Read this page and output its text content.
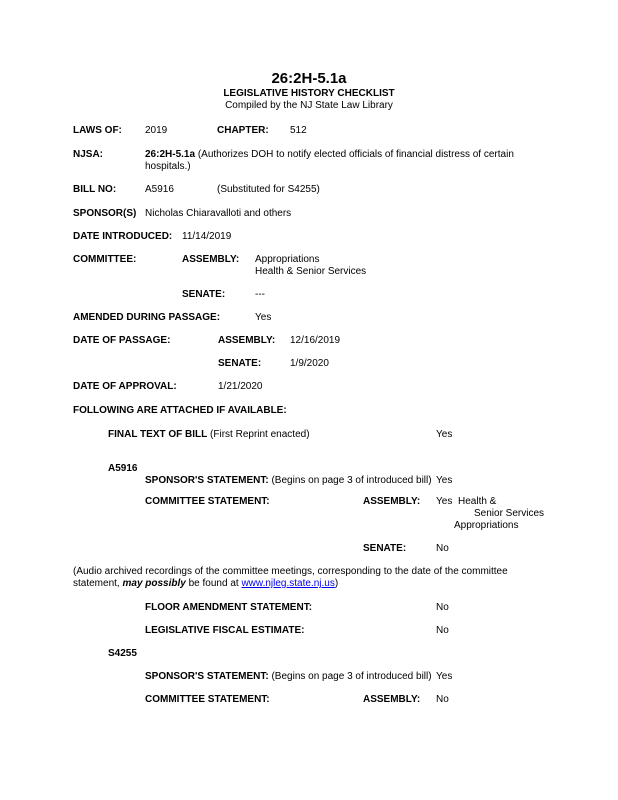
26:2H-5.1a
LEGISLATIVE HISTORY CHECKLIST
Compiled by the NJ State Law Library
LAWS OF: 2019	CHAPTER: 512
NJSA:	26:2H-5.1a (Authorizes DOH to notify elected officials of financial distress of certain
hospitals.)
BILL NO:	A5916	(Substituted for S4255)
SPONSOR(S) Nicholas Chiaravalloti and others
DATE INTRODUCED: 11/14/2019
COMMITTEE:	ASSEMBLY: Appropriations
Health & Senior Services
SENATE:	---
AMENDED DURING PASSAGE:	Yes
DATE OF PASSAGE:	ASSEMBLY: 12/16/2019
SENATE:	1/9/2020
DATE OF APPROVAL:	1/21/2020
FOLLOWING ARE ATTACHED IF AVAILABLE:
FINAL TEXT OF BILL (First Reprint enacted)	Yes
A5916
SPONSOR'S STATEMENT: (Begins on page 3 of introduced bill) Yes
COMMITTEE STATEMENT:	ASSEMBLY: Yes Health &
Senior Services
Appropriations
SENATE:	No
(Audio archived recordings of the committee meetings, corresponding to the date of the committee
statement, may possibly be found at www.njleg.state.nj.us)
FLOOR AMENDMENT STATEMENT:	No
LEGISLATIVE FISCAL ESTIMATE:	No
S4255
SPONSOR'S STATEMENT: (Begins on page 3 of introduced bill) Yes
COMMITTEE STATEMENT:	ASSEMBLY: No
